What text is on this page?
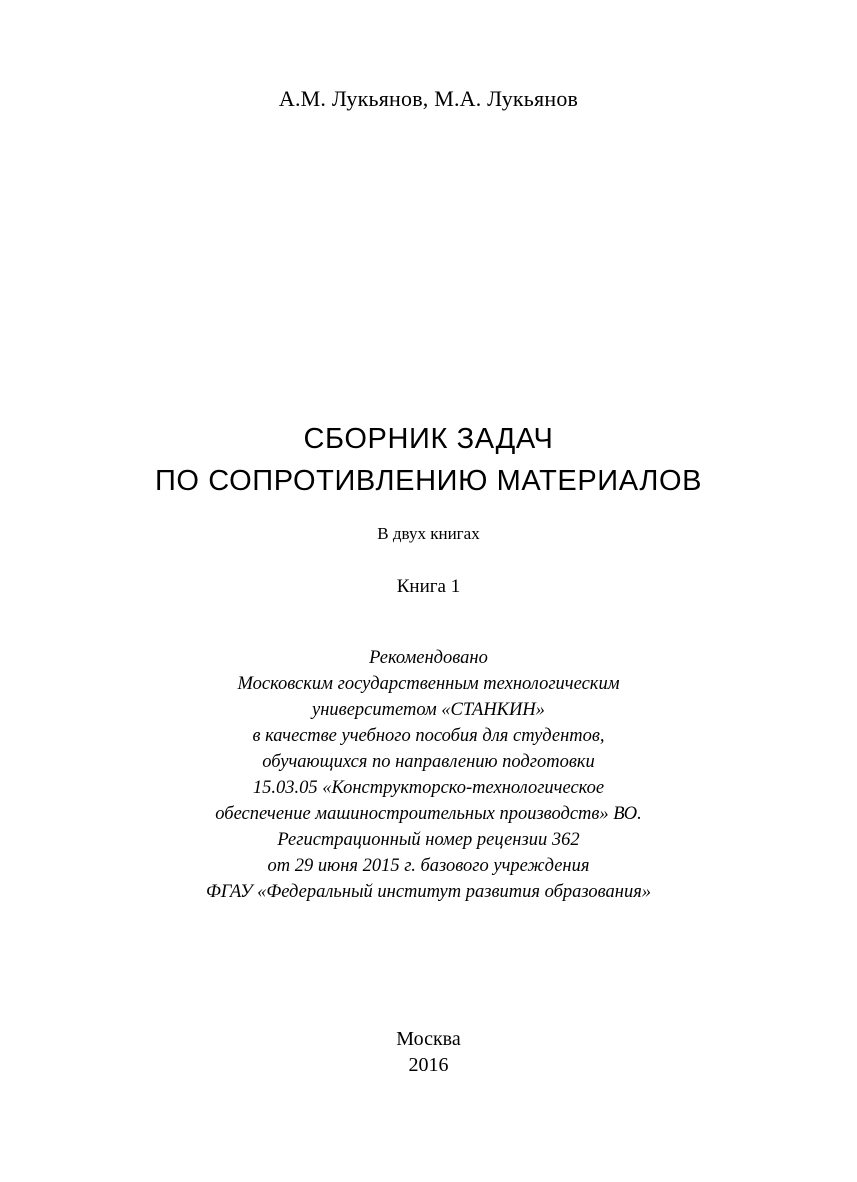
А.М. Лукьянов, М.А. Лукьянов
СБОРНИК ЗАДАЧ
ПО СОПРОТИВЛЕНИЮ МАТЕРИАЛОВ
В двух книгах
Книга 1
Рекомендовано
Московским государственным технологическим
университетом «СТАНКИН»
в качестве учебного пособия для студентов,
обучающихся по направлению подготовки
15.03.05 «Конструкторско-технологическое
обеспечение машиностроительных производств» ВО.
Регистрационный номер рецензии 362
от 29 июня 2015 г. базового учреждения
ФГАУ «Федеральный институт развития образования»
Москва
2016
